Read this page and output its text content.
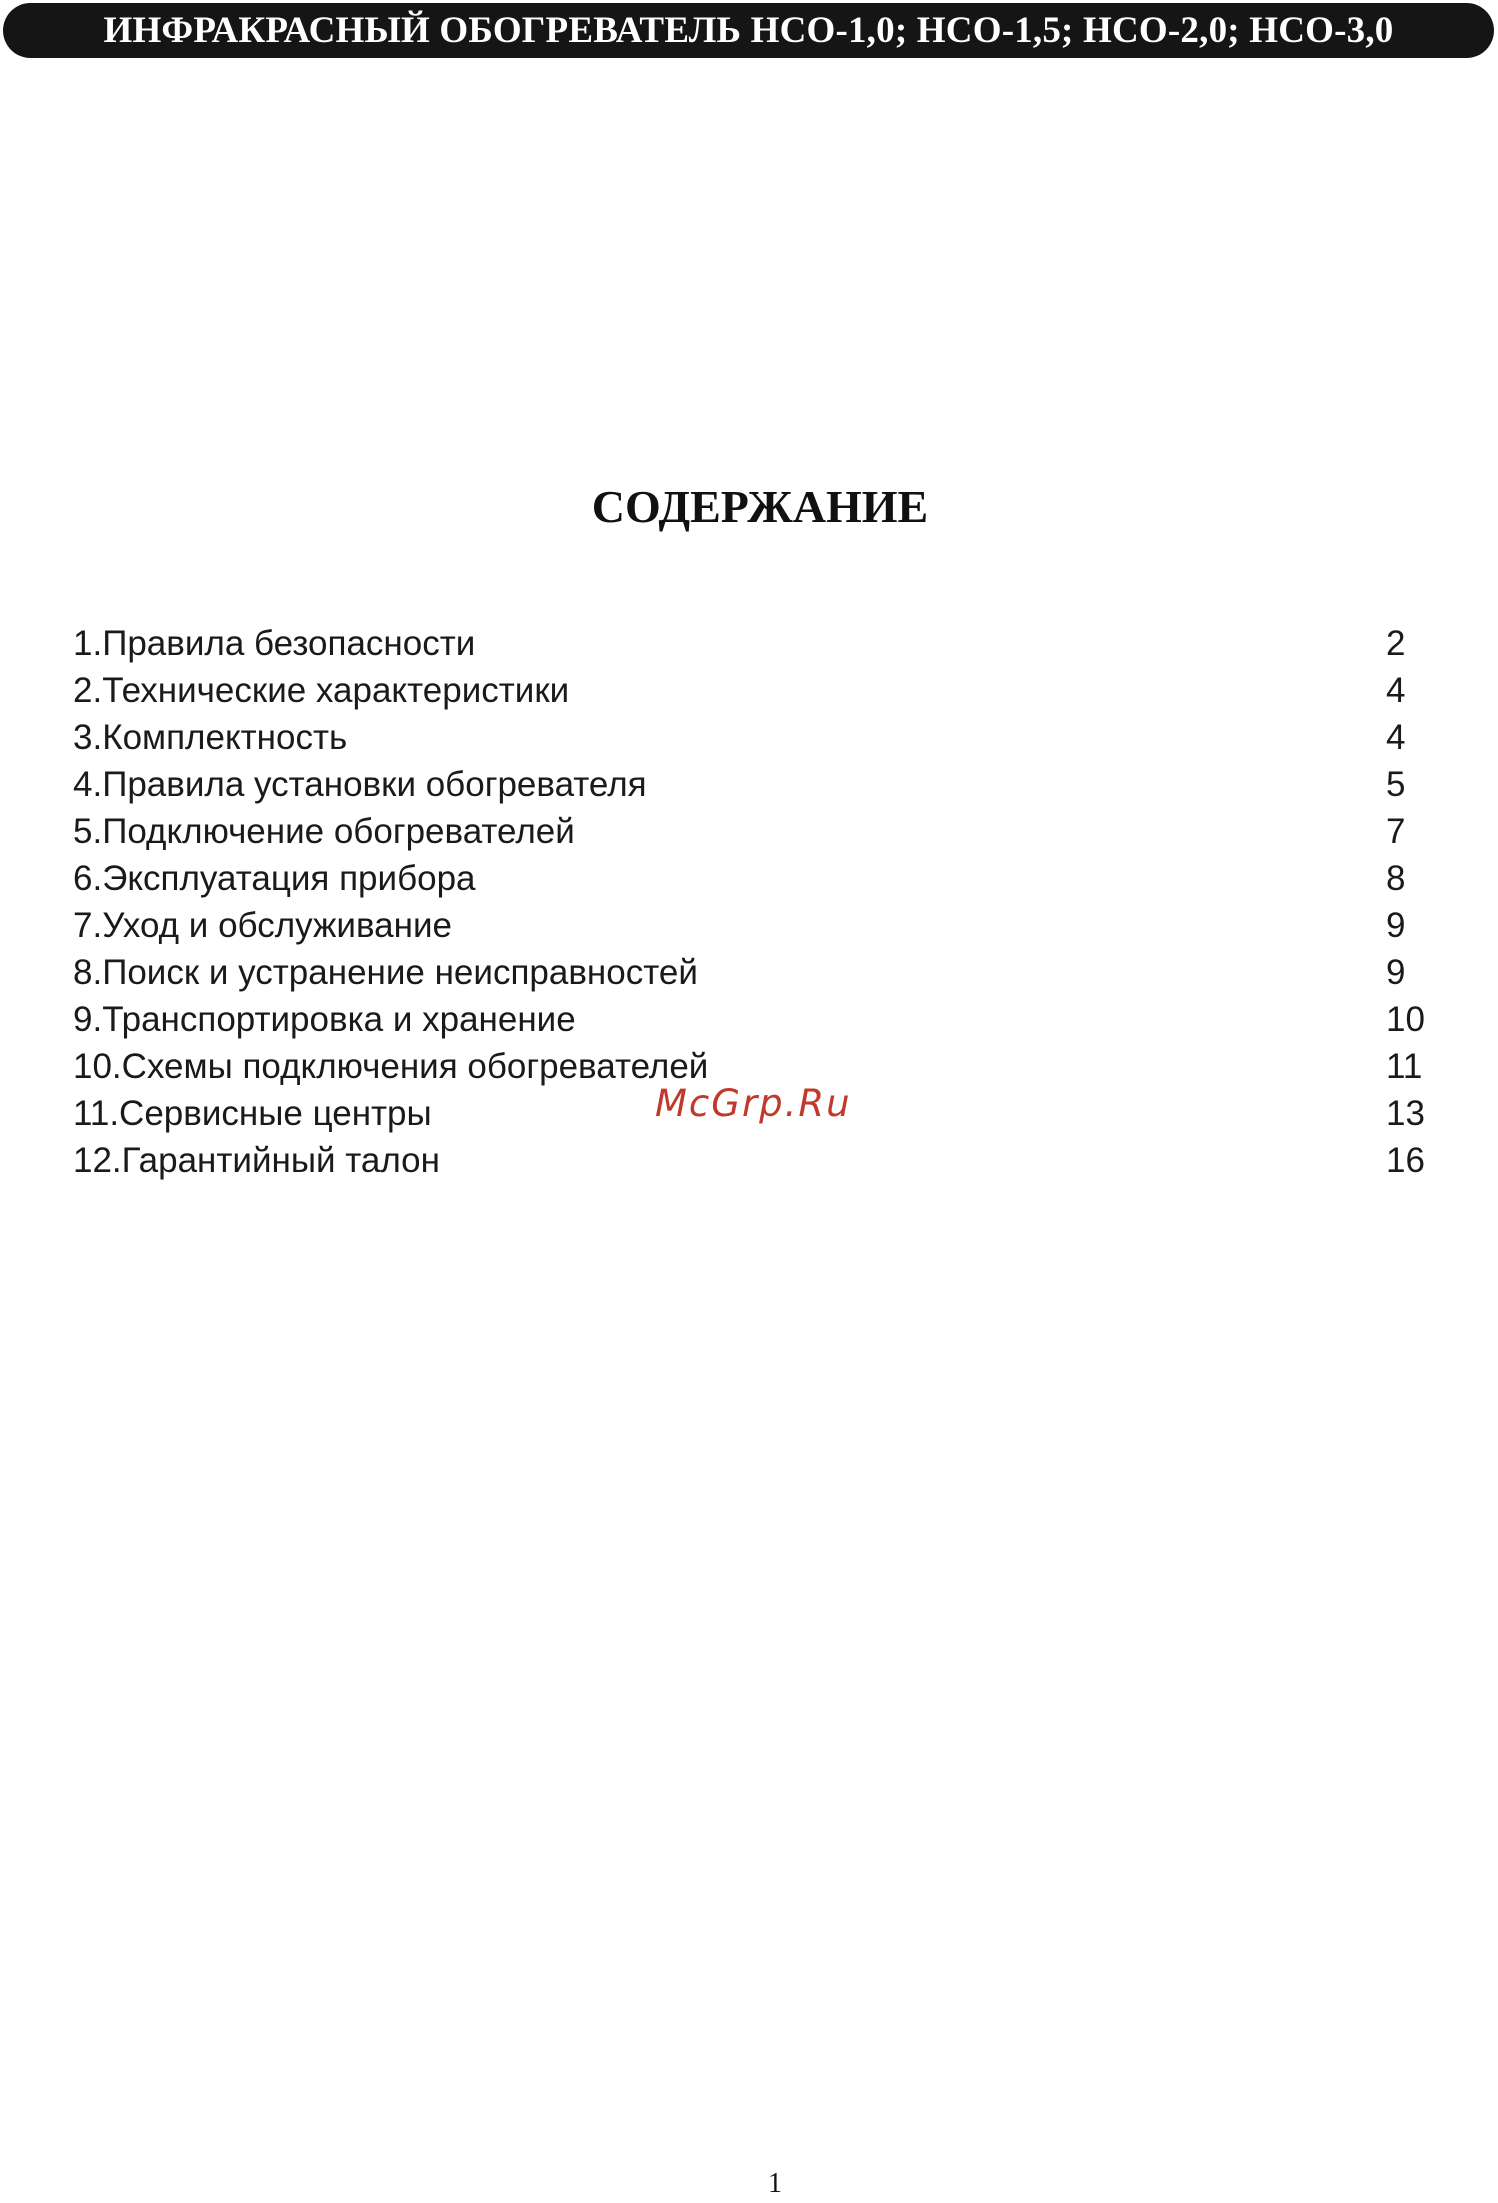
ИНФРАКРАСНЫЙ ОБОГРЕВАТЕЛЬ НСО-1,0; НСО-1,5; НСО-2,0; НСО-3,0
СОДЕРЖАНИЕ
1.Правила безопасности	2
2.Технические характеристики	4
3.Комплектность	4
4.Правила установки обогревателя	5
5.Подключение обогревателей	7
6.Эксплуатация прибора	8
7.Уход и обслуживание	9
8.Поиск и устранение неисправностей	9
9.Транспортировка и хранение	10
10.Схемы подключения обогревателей	11
11.Сервисные центры	13
12.Гарантийный талон	16
McGrp.Ru
1
